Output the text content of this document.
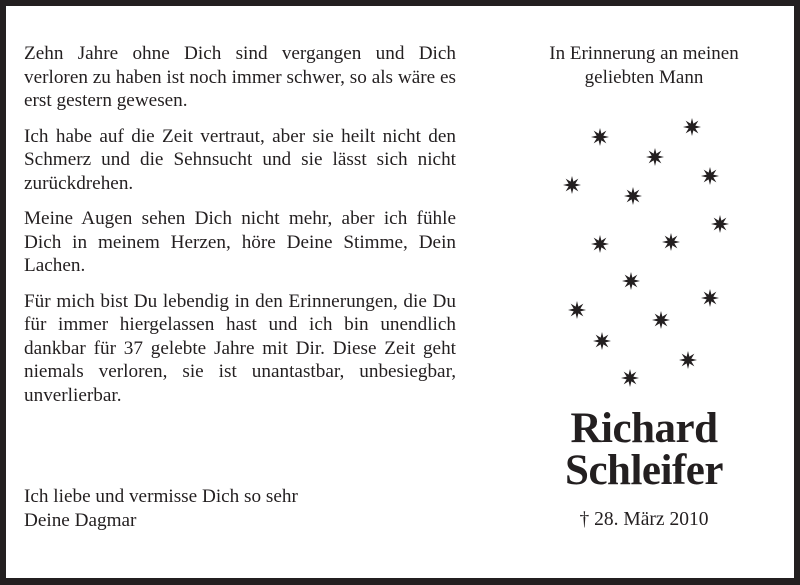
Zehn Jahre ohne Dich sind vergangen und Dich verloren zu haben ist noch immer schwer, so als wäre es erst gestern gewesen.

Ich habe auf die Zeit vertraut, aber sie heilt nicht den Schmerz und die Sehnsucht und sie lässt sich nicht zurückdrehen.

Meine Augen sehen Dich nicht mehr, aber ich fühle Dich in meinem Herzen, höre Deine Stimme, Dein Lachen.

Für mich bist Du lebendig in den Erinnerungen, die Du für immer hiergelassen hast und ich bin unendlich dankbar für 37 gelebte Jahre mit Dir. Diese Zeit geht niemals verloren, sie ist unantastbar, unbesiegbar, unverlierbar.

Ich liebe und vermisse Dich so sehr
Deine Dagmar
In Erinnerung an meinen
geliebten Mann
Richard
Schleifer
† 28. März 2010
